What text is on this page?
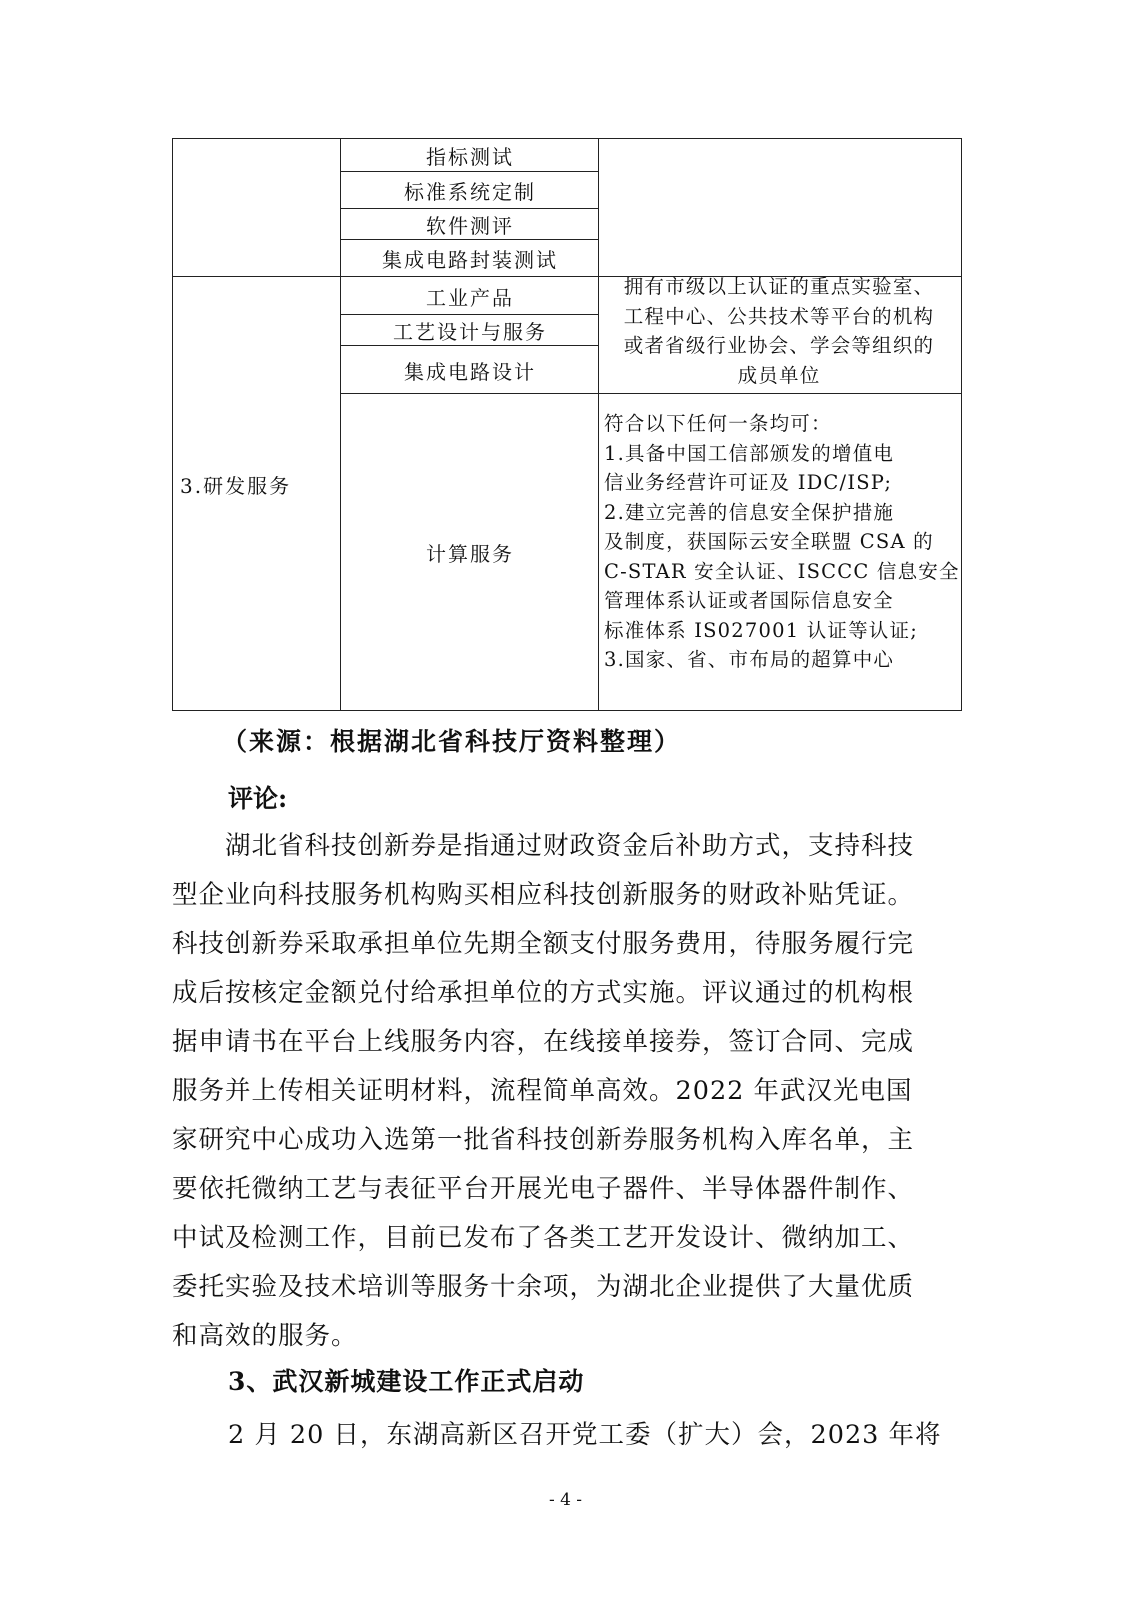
指标测试
标准系统定制
软件测评
集成电路封装测试
工业产品
工艺设计与服务
集成电路设计
计算服务
3.研发服务
拥有市级以上认证的重点实验室、
工程中心、公共技术等平台的机构
或者省级行业协会、学会等组织的
成员单位
符合以下任何一条均可：
1.具备中国工信部颁发的增值电
信业务经营许可证及 IDC/ISP;
2.建立完善的信息安全保护措施
及制度，获国际云安全联盟 CSA 的
C-STAR 安全认证、ISCCC 信息安全
管理体系认证或者国际信息安全
标准体系 IS027001 认证等认证;
3.国家、省、市布局的超算中心
（来源：根据湖北省科技厅资料整理）
评论:
　　湖北省科技创新券是指通过财政资金后补助方式，支持科技
型企业向科技服务机构购买相应科技创新服务的财政补贴凭证。
科技创新券采取承担单位先期全额支付服务费用，待服务履行完
成后按核定金额兑付给承担单位的方式实施。评议通过的机构根
据申请书在平台上线服务内容，在线接单接券，签订合同、完成
服务并上传相关证明材料，流程简单高效。2022 年武汉光电国
家研究中心成功入选第一批省科技创新券服务机构入库名单，主
要依托微纳工艺与表征平台开展光电子器件、半导体器件制作、
中试及检测工作，目前已发布了各类工艺开发设计、微纳加工、
委托实验及技术培训等服务十余项，为湖北企业提供了大量优质
和高效的服务。
3、武汉新城建设工作正式启动
2 月 20 日，东湖高新区召开党工委（扩大）会，2023 年将
- 4 -
